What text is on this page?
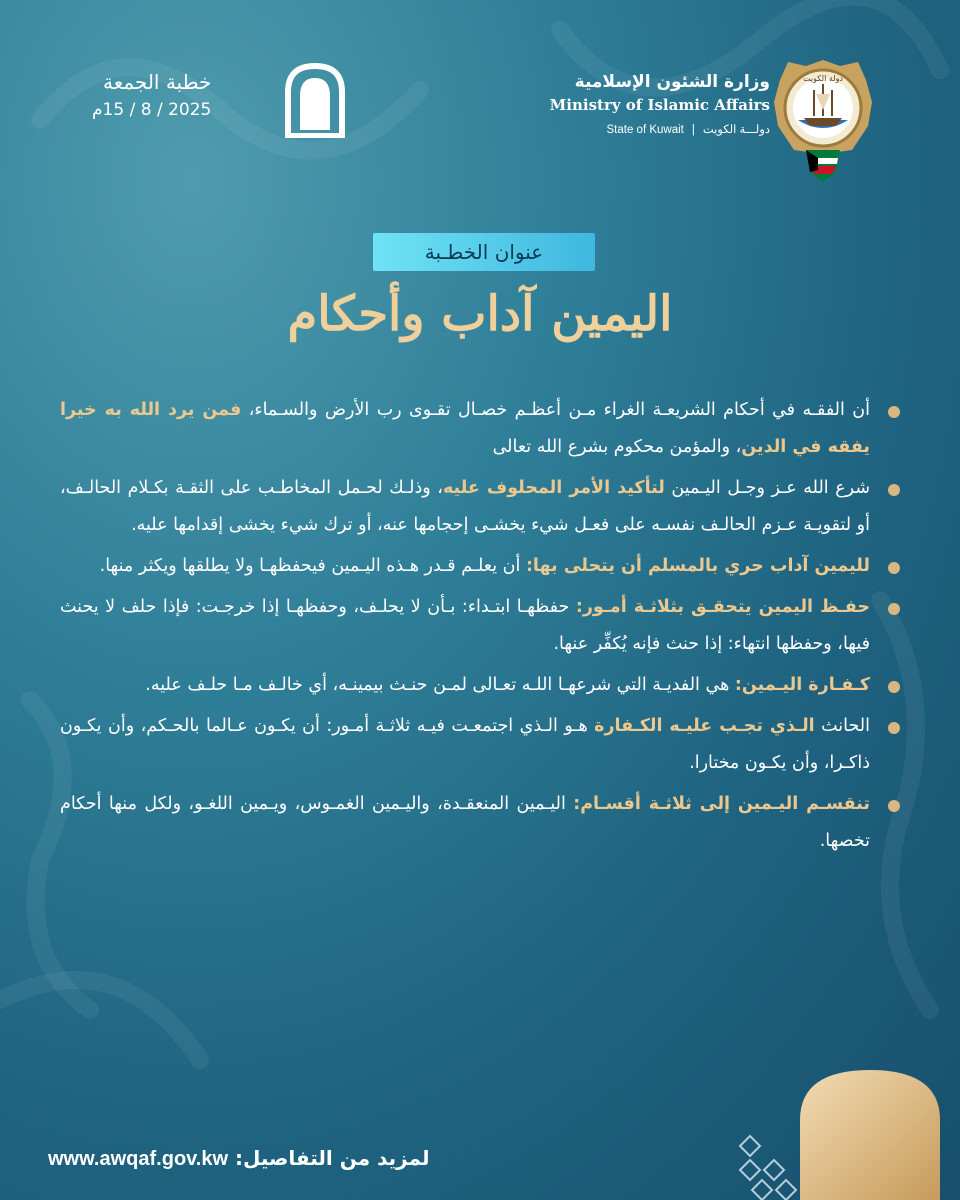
دولة الكويت
وزارة الشئون الإسلامية
Ministry of Islamic Affairs
State of Kuwait | دولـــة الكويت
خطبة الجمعة
2025 / 8 / 15م
عنوان الخطـبة
اليمين آداب وأحكام
أن الفقـه في أحكام الشريعـة الغراء مـن أعظـم خصـال تقـوى رب الأرض والسـماء، فمن يرد الله به خيرا يفقه في الدين، والمؤمن محكوم بشرع الله تعالى
شرع الله عـز وجـل اليـمين لتأكيد الأمر المحلوف عليه، وذلـك لحـمل المخاطـب على الثقـة بكـلام الحالـف، أو لتقويـة عـزم الحالـف نفسـه على فعـل شيء يخشـى إحجامها عنه، أو ترك شيء يخشى إقدامها عليه.
لليمين آداب حري بالمسلم أن يتحلى بها: أن يعلـم قـدر هـذه اليـمين فيحفظهـا ولا يطلقها ويكثر منها.
حفـظ اليمين يتحقـق بثلاثـة أمـور: حفظهـا ابتـداء: بـأن لا يحلـف، وحفظهـا إذا خرجـت: فإذا حلف لا يحنث فيها، وحفظها انتهاء: إذا حنث فإنه يُكفِّر عنها.
كـفـارة اليـمين: هي الفديـة التي شرعهـا اللـه تعـالى لمـن حنـث بيمينـه، أي خالـف مـا حلـف عليه.
الحانث الـذي تجـب عليـه الكـفارة هـو الـذي اجتمعـت فيـه ثلاثـة أمـور: أن يكـون عـالما بالحـكم، وأن يكـون ذاكـرا، وأن يكـون مختارا.
تنقسـم اليـمين إلى ثلاثـة أقسـام: اليـمين المنعقـدة، واليـمين الغمـوس، ويـمين اللغـو، ولكل منها أحكام تخصها.
لمزيد من التفاصيل: www.awqaf.gov.kw
